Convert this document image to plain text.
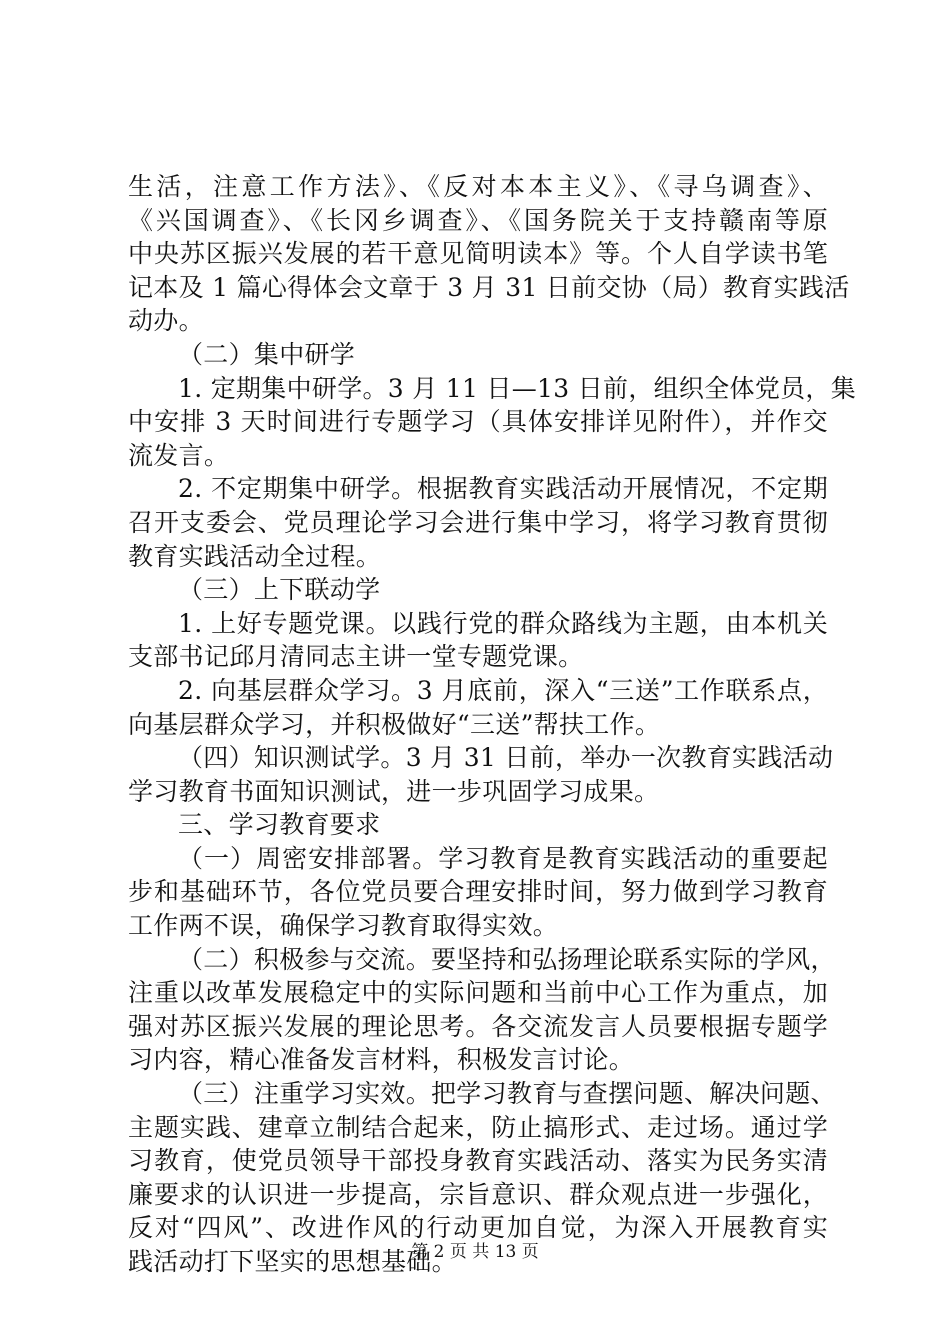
生活，注意工作方法》、《反对本本主义》、《寻乌调查》、
《兴国调查》、《长冈乡调查》、《国务院关于支持赣南等原
中央苏区振兴发展的若干意见简明读本》等。个人自学读书笔
记本及 1 篇心得体会文章于 3 月 31 日前交协（局）教育实践活
动办。
（二）集中研学
1. 定期集中研学。3 月 11 日—13 日前，组织全体党员，集
中安排 3 天时间进行专题学习（具体安排详见附件），并作交
流发言。
2. 不定期集中研学。根据教育实践活动开展情况，不定期
召开支委会、党员理论学习会进行集中学习，将学习教育贯彻
教育实践活动全过程。
（三）上下联动学
1. 上好专题党课。以践行党的群众路线为主题，由本机关
支部书记邱月清同志主讲一堂专题党课。
2. 向基层群众学习。3 月底前，深入“三送”工作联系点，
向基层群众学习，并积极做好“三送”帮扶工作。
（四）知识测试学。3 月 31 日前，举办一次教育实践活动
学习教育书面知识测试，进一步巩固学习成果。
三、学习教育要求
（一）周密安排部署。学习教育是教育实践活动的重要起
步和基础环节，各位党员要合理安排时间，努力做到学习教育
工作两不误，确保学习教育取得实效。
（二）积极参与交流。要坚持和弘扬理论联系实际的学风，
注重以改革发展稳定中的实际问题和当前中心工作为重点，加
强对苏区振兴发展的理论思考。各交流发言人员要根据专题学
习内容，精心准备发言材料，积极发言讨论。
（三）注重学习实效。把学习教育与查摆问题、解决问题、
主题实践、建章立制结合起来，防止搞形式、走过场。通过学
习教育，使党员领导干部投身教育实践活动、落实为民务实清
廉要求的认识进一步提高，宗旨意识、群众观点进一步强化，
反对“四风”、改进作风的行动更加自觉，为深入开展教育实
践活动打下坚实的思想基础。
第 2 页 共 13 页
